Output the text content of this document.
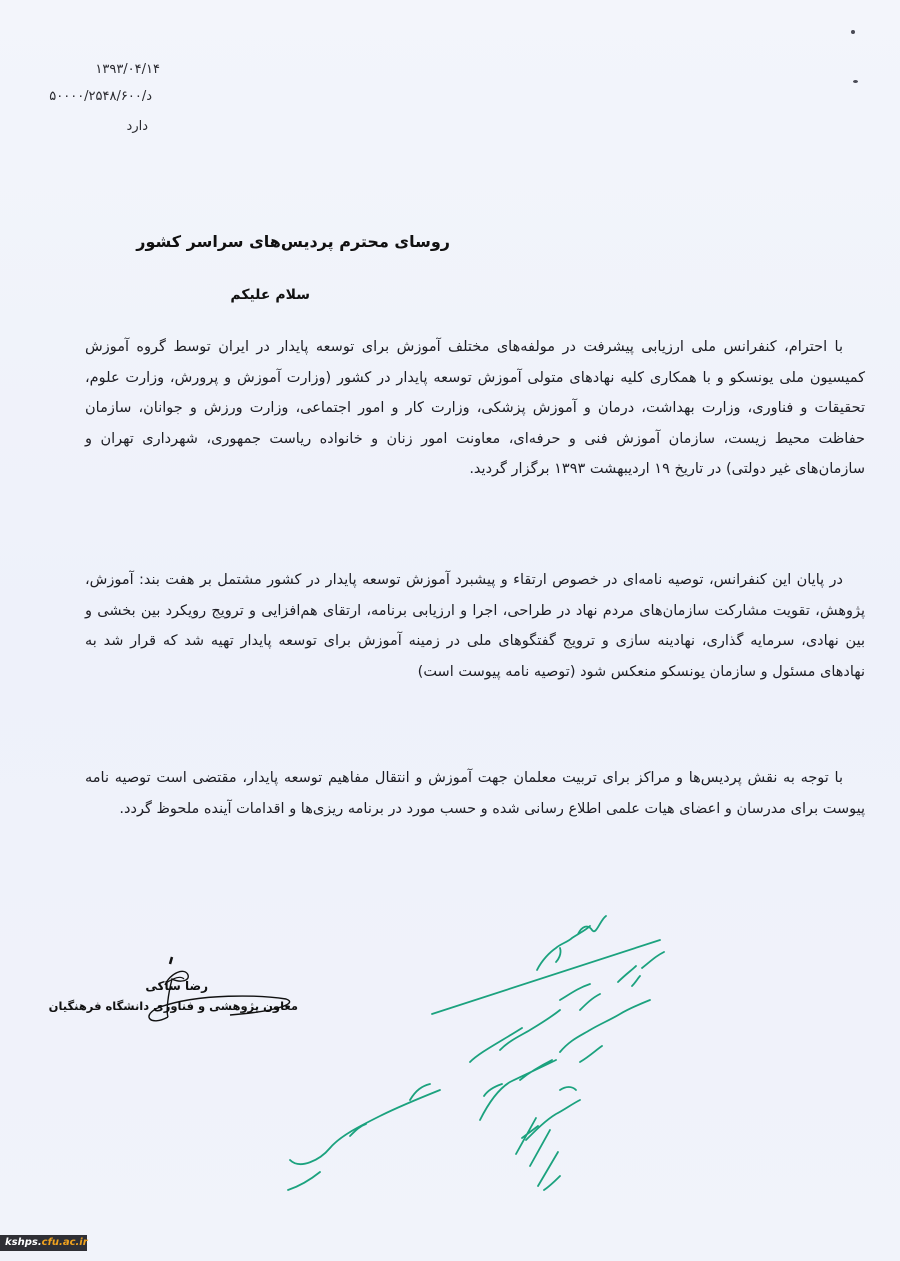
۱۳۹۳/۰۴/۱۴
د/۵۰۰۰۰/۲۵۴۸/۶۰۰
دارد
روسای محترم پردیس‌های سراسر کشور
سلام علیکم

با احترام، کنفرانس ملی ارزیابی پیشرفت در مولفه‌های مختلف آموزش برای توسعه پایدار در ایران توسط گروه آموزش کمیسیون ملی یونسکو و با همکاری کلیه نهادهای متولی آموزش توسعه پایدار در کشور (وزارت آموزش و پرورش، وزارت علوم، تحقیقات و فناوری، وزارت بهداشت، درمان و آموزش پزشکی، وزارت کار و امور اجتماعی، وزارت ورزش و جوانان، سازمان حفاظت محیط زیست، سازمان آموزش فنی و حرفه‌ای، معاونت امور زنان و خانواده ریاست جمهوری، شهرداری تهران و سازمان‌های غیر دولتی) در تاریخ ۱۹ اردیبهشت ۱۳۹۳ برگزار گردید.

در پایان این کنفرانس، توصیه نامه‌ای در خصوص ارتقاء و پیشبرد آموزش توسعه پایدار در کشور مشتمل بر هفت بند: آموزش، پژوهش، تقویت مشارکت سازمان‌های مردم نهاد در طراحی، اجرا و ارزیابی برنامه، ارتقای هم‌افزایی و ترویج رویکرد بین بخشی و بین نهادی، سرمایه گذاری، نهادینه سازی و ترویج گفتگوهای ملی در زمینه آموزش برای توسعه پایدار تهیه شد که قرار شد به نهادهای مسئول و سازمان یونسکو منعکس شود (توصیه نامه پیوست است)

با توجه به نقش پردیس‌ها و مراکز برای تربیت معلمان جهت آموزش و انتقال مفاهیم توسعه پایدار، مقتضی است توصیه نامه پیوست برای مدرسان و اعضای هیات علمی اطلاع رسانی شده و حسب مورد در برنامه ریزی‌ها و اقدامات آینده ملحوظ گردد.

رضا ساکی
معاون پژوهشی و فناوری دانشگاه فرهنگیان
باسمه تعالی
kshps.cfu.ac.ir
